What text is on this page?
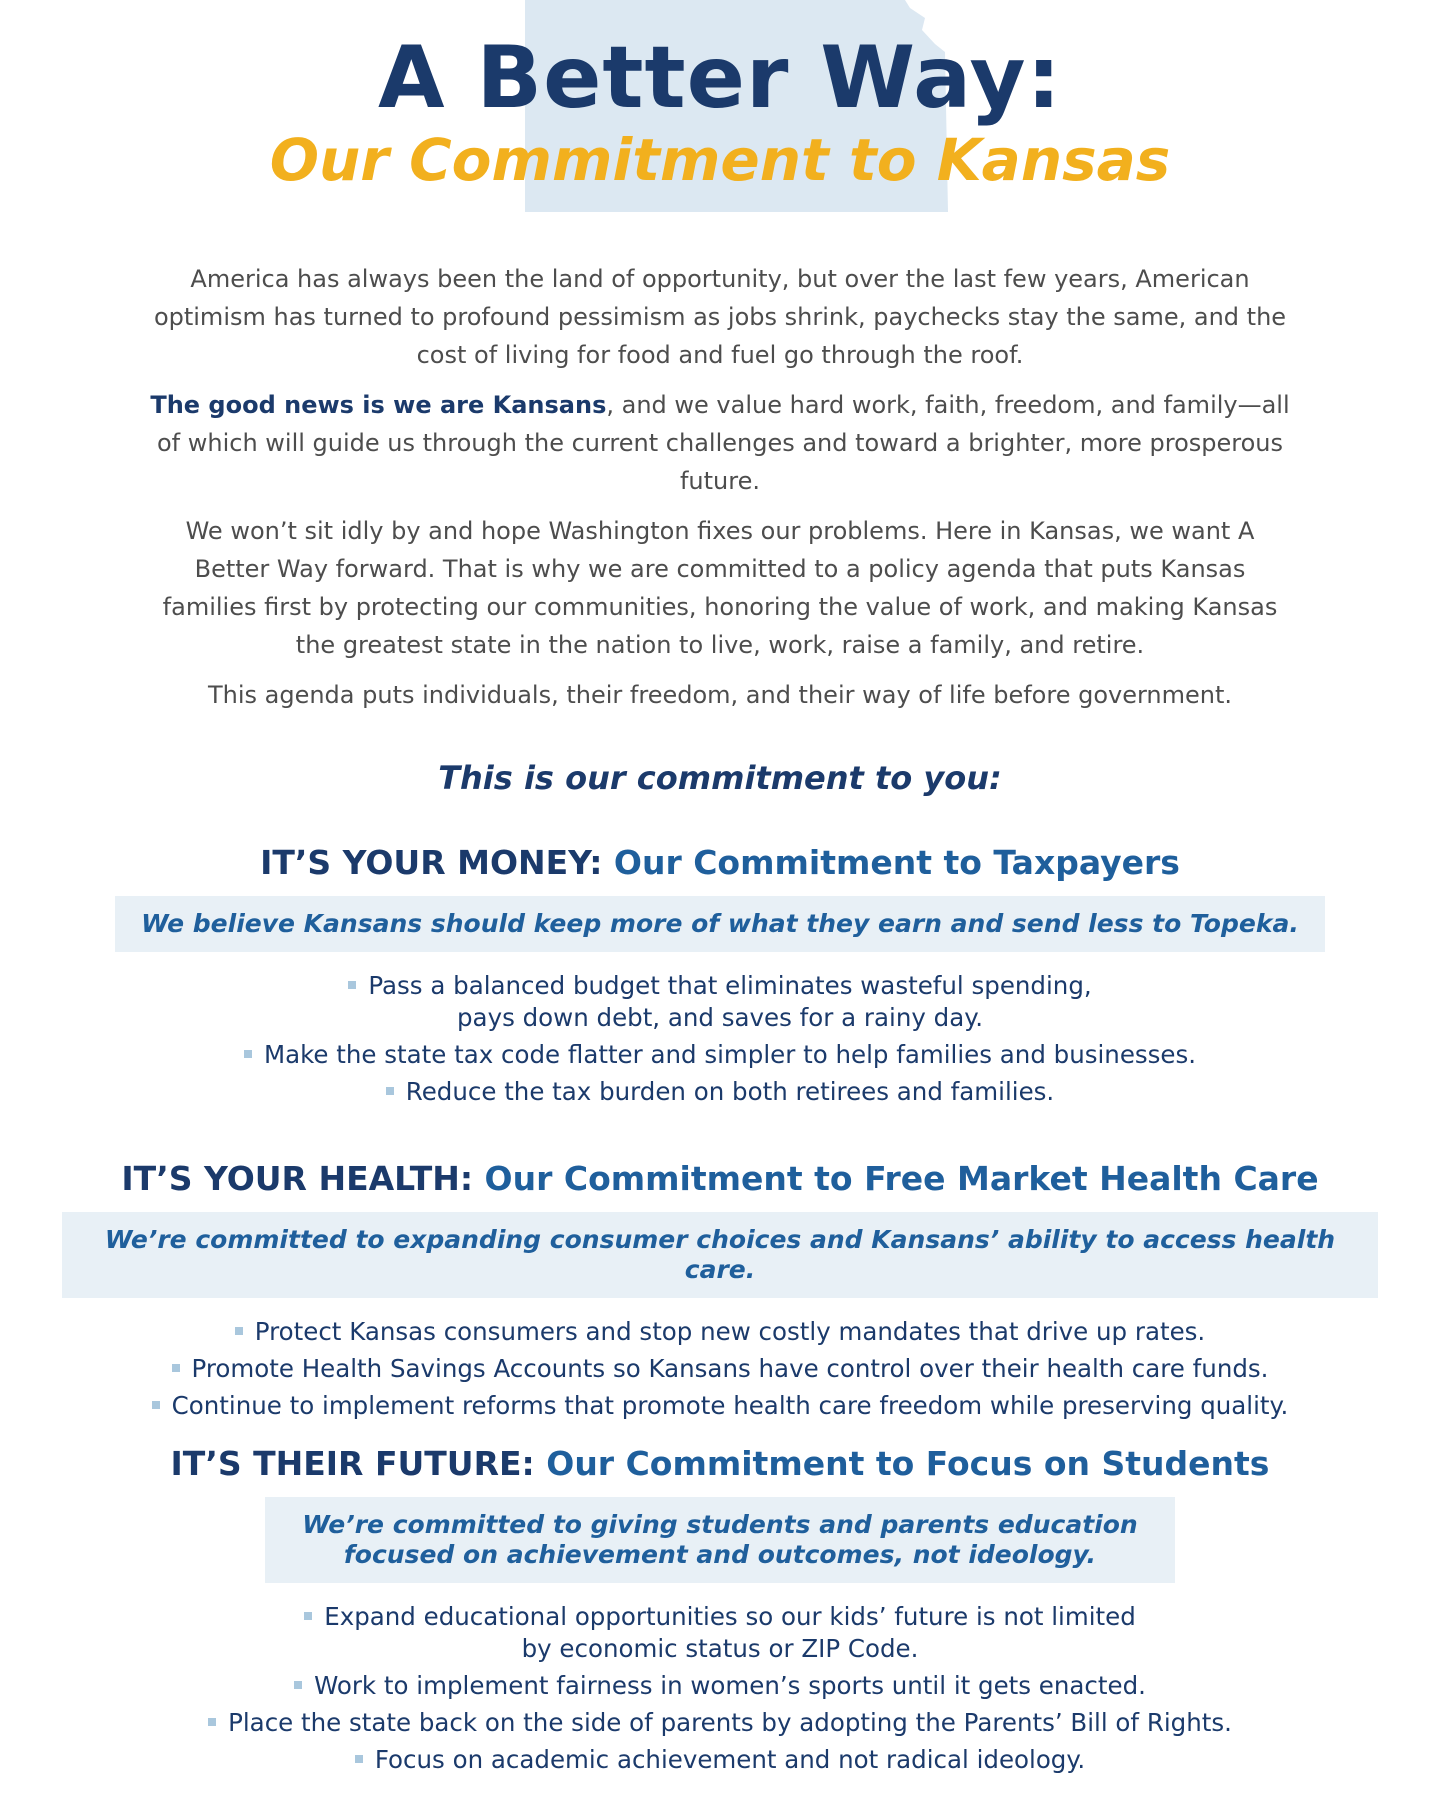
A Better Way:
Our Commitment to Kansas

America has always been the land of opportunity, but over the last few years, American optimism has turned to profound pessimism as jobs shrink, paychecks stay the same, and the cost of living for food and fuel go through the roof.

The good news is we are Kansans, and we value hard work, faith, freedom, and family—all of which will guide us through the current challenges and toward a brighter, more prosperous future.

We won’t sit idly by and hope Washington fixes our problems. Here in Kansas, we want A Better Way forward. That is why we are committed to a policy agenda that puts Kansas families first by protecting our communities, honoring the value of work, and making Kansas the greatest state in the nation to live, work, raise a family, and retire.

This agenda puts individuals, their freedom, and their way of life before government.

This is our commitment to you:
IT’S YOUR MONEY: Our Commitment to Taxpayers
We believe Kansans should keep more of what they earn and send less to Topeka.
Pass a balanced budget that eliminates wasteful spending, pays down debt, and saves for a rainy day.
Make the state tax code flatter and simpler to help families and businesses.
Reduce the tax burden on both retirees and families.
IT’S YOUR HEALTH: Our Commitment to Free Market Health Care
We’re committed to expanding consumer choices and Kansans’ ability to access health care.
Protect Kansas consumers and stop new costly mandates that drive up rates.
Promote Health Savings Accounts so Kansans have control over their health care funds.
Continue to implement reforms that promote health care freedom while preserving quality.
IT’S THEIR FUTURE: Our Commitment to Focus on Students
We’re committed to giving students and parents education focused on achievement and outcomes, not ideology.
Expand educational opportunities so our kids’ future is not limited by economic status or ZIP Code.
Work to implement fairness in women’s sports until it gets enacted.
Place the state back on the side of parents by adopting the Parents’ Bill of Rights.
Focus on academic achievement and not radical ideology.
